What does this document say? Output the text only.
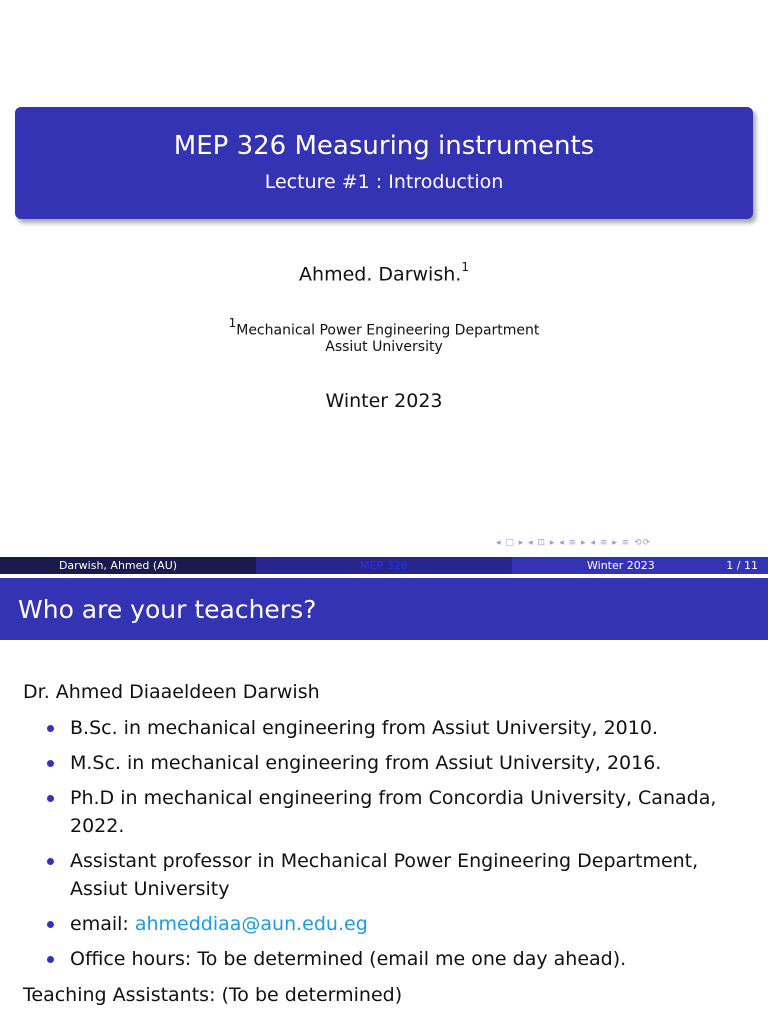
MEP 326 Measuring instruments
Lecture #1 : Introduction
Ahmed. Darwish.$^1$
$^1$Mechanical Power Engineering Department
Assiut University
Winter 2023
◂ □ ▸ ◂ ⊡ ▸ ◂ ≡ ▸ ◂ ≡ ▸ ≡ ⟲⟳
Darwish, Ahmed (AU)	MEP 326	Winter 2023	1 / 11
Who are your teachers?
Dr. Ahmed Diaaeldeen Darwish
B.Sc. in mechanical engineering from Assiut University, 2010.
M.Sc. in mechanical engineering from Assiut University, 2016.
Ph.D in mechanical engineering from Concordia University, Canada, 2022.
Assistant professor in Mechanical Power Engineering Department, Assiut University
email: ahmeddiaa@aun.edu.eg
Office hours: To be determined (email me one day ahead).
Teaching Assistants: (To be determined)
